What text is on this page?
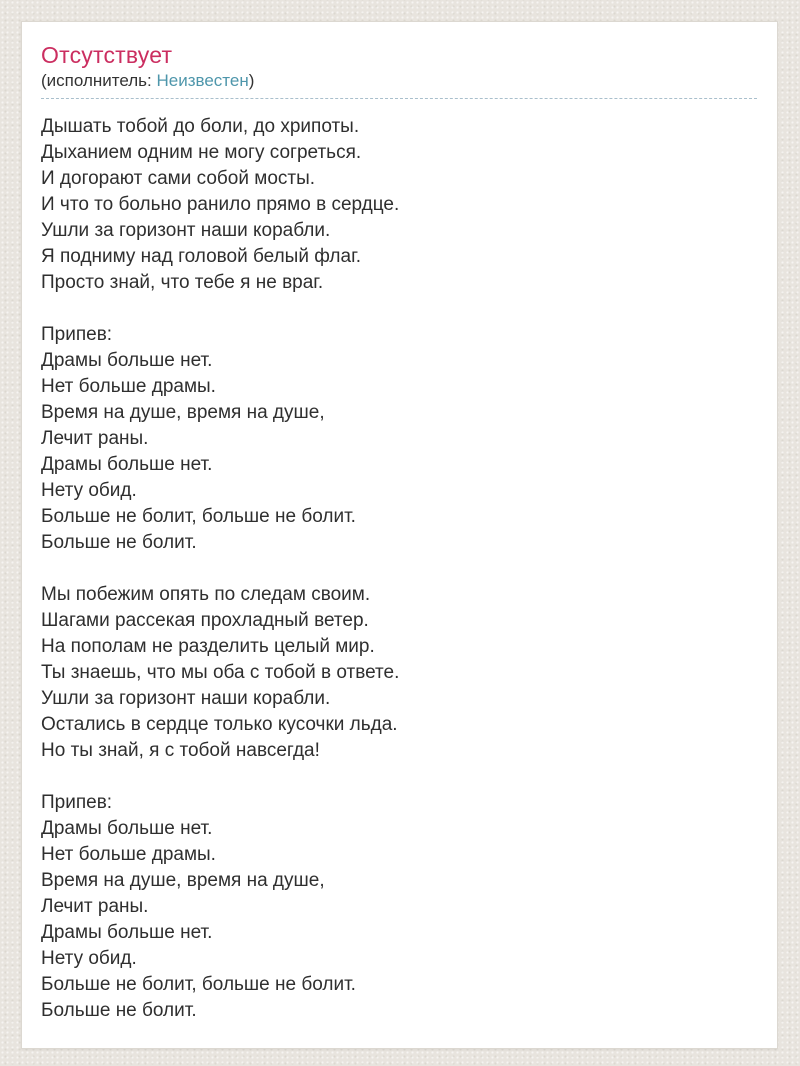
Отсутствует
(исполнитель: Неизвестен)
Дышать тобой до боли, до хрипоты.
Дыханием одним не могу согреться.
И догорают сами собой мосты.
И что то больно ранило прямо в сердце.
Ушли за горизонт наши корабли.
Я подниму над головой белый флаг.
Просто знай, что тебе я не враг.

Припев:
Драмы больше нет.
Нет больше драмы.
Время на душе, время на душе,
Лечит раны.
Драмы больше нет.
Нету обид.
Больше не болит, больше не болит.
Больше не болит.

Мы побежим опять по следам своим.
Шагами рассекая прохладный ветер.
На пополам не разделить целый мир.
Ты знаешь, что мы оба с тобой в ответе.
Ушли за горизонт наши корабли.
Остались в сердце только кусочки льда.
Но ты знай, я с тобой навсегда!

Припев:
Драмы больше нет.
Нет больше драмы.
Время на душе, время на душе,
Лечит раны.
Драмы больше нет.
Нету обид.
Больше не болит, больше не болит.
Больше не болит.
